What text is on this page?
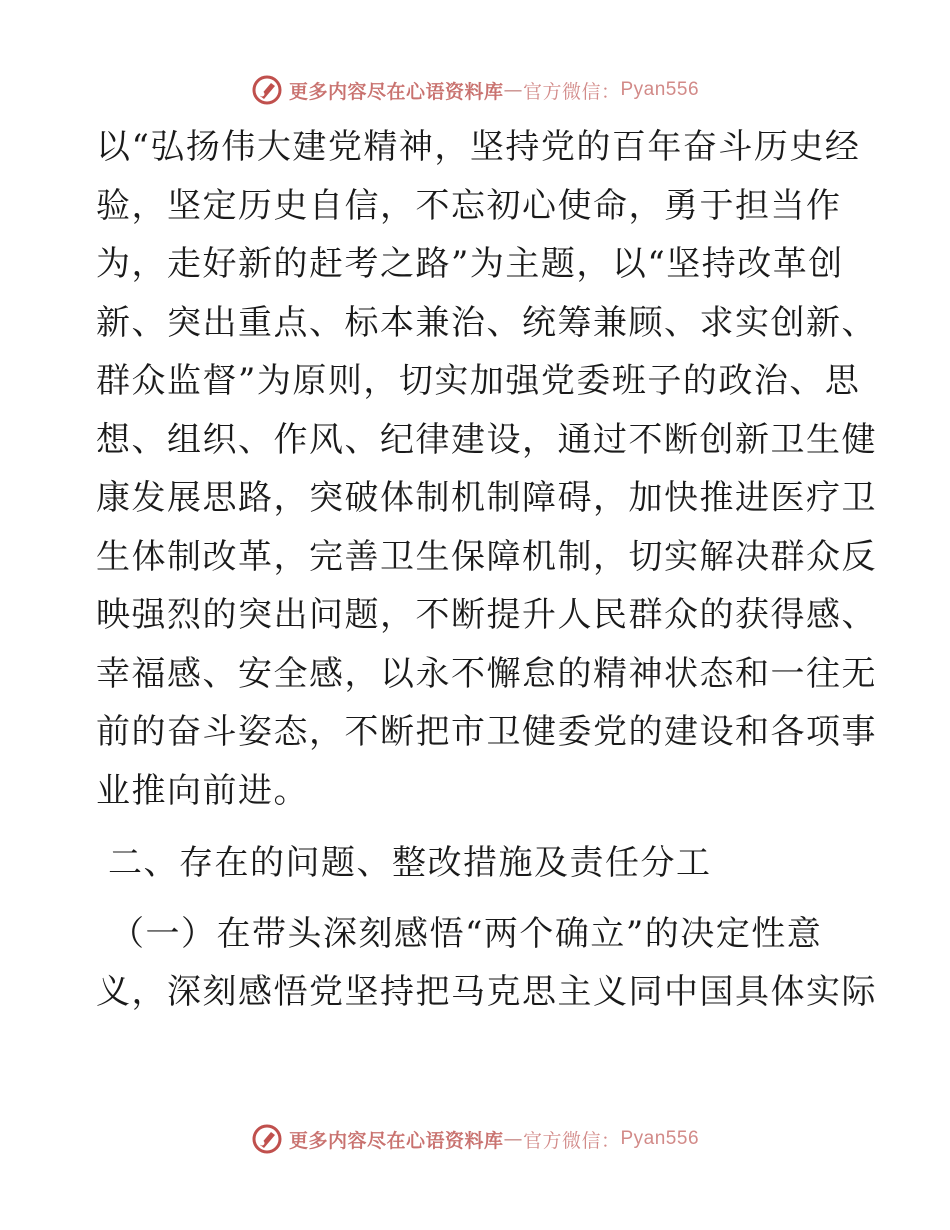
更多内容尽在心语资料库 — 官方微信： Pyan556
以“弘扬伟大建党精神，坚持党的百年奋斗历史经
验，坚定历史自信，不忘初心使命，勇于担当作
为，走好新的赶考之路”为主题，以“坚持改革创
新、突出重点、标本兼治、统筹兼顾、求实创新、
群众监督”为原则，切实加强党委班子的政治、思
想、组织、作风、纪律建设，通过不断创新卫生健
康发展思路，突破体制机制障碍，加快推进医疗卫
生体制改革，完善卫生保障机制，切实解决群众反
映强烈的突出问题，不断提升人民群众的获得感、
幸福感、安全感，以永不懈怠的精神状态和一往无
前的奋斗姿态，不断把市卫健委党的建设和各项事
业推向前进。
二、存在的问题、整改措施及责任分工
（一）在带头深刻感悟“两个确立”的决定性意
义，深刻感悟党坚持把马克思主义同中国具体实际
更多内容尽在心语资料库 — 官方微信： Pyan556
